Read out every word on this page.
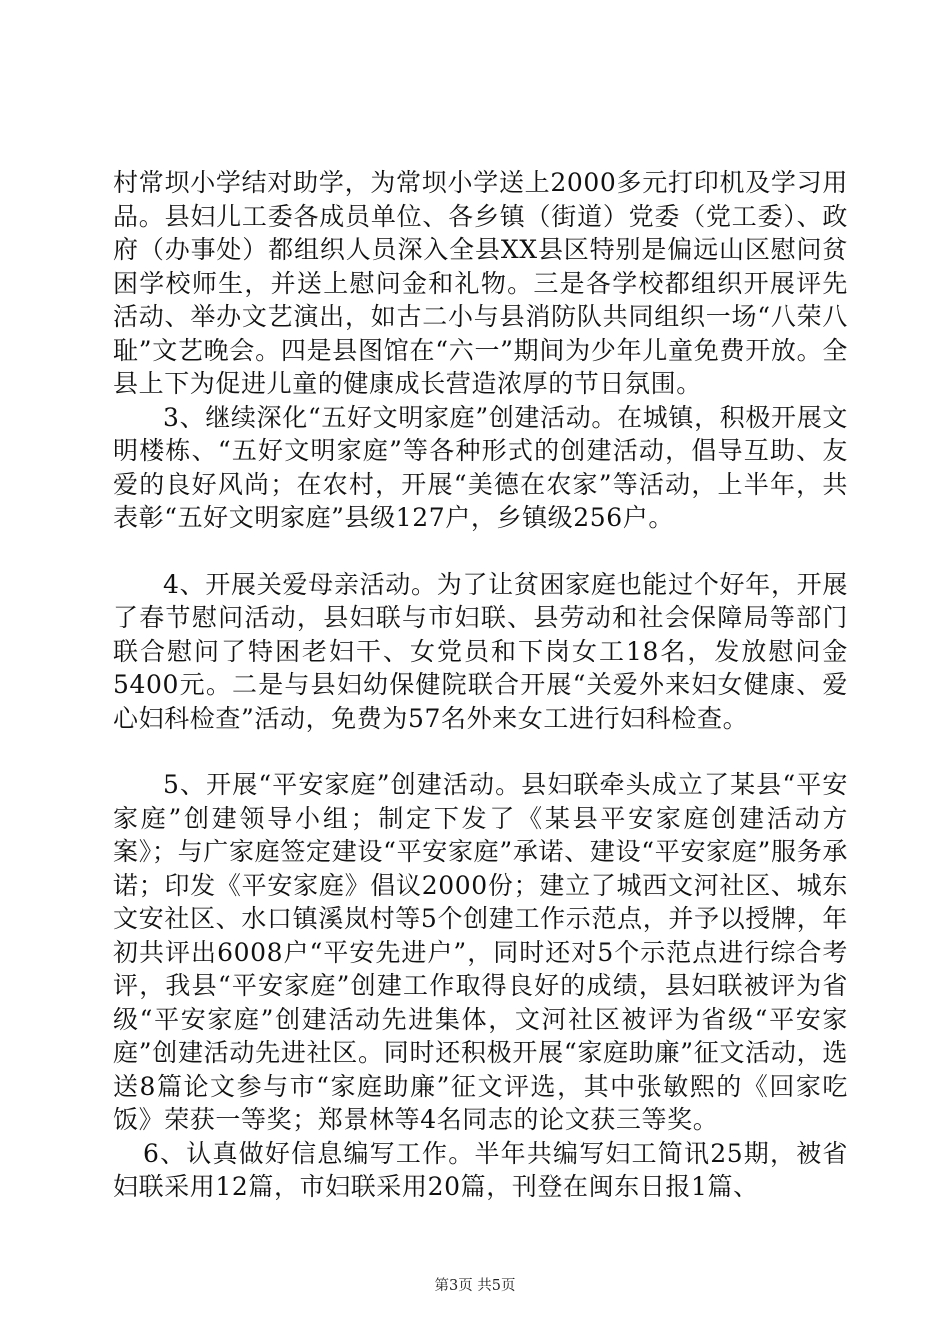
村常坝小学结对助学，为常坝小学送上2000多元打印机及学习用品。县妇儿工委各成员单位、各乡镇（街道）党委（党工委）、政府（办事处）都组织人员深入全县XX县区特别是偏远山区慰问贫困学校师生，并送上慰问金和礼物。三是各学校都组织开展评先活动、举办文艺演出，如古二小与县消防队共同组织一场“八荣八耻”文艺晚会。四是县图馆在“六一”期间为少年儿童免费开放。全县上下为促进儿童的健康成长营造浓厚的节日氛围。

3、继续深化“五好文明家庭”创建活动。在城镇，积极开展文明楼栋、“五好文明家庭”等各种形式的创建活动，倡导互助、友爱的良好风尚；在农村，开展“美德在农家”等活动，上半年，共表彰“五好文明家庭”县级127户，乡镇级256户。

4、开展关爱母亲活动。为了让贫困家庭也能过个好年，开展了春节慰问活动，县妇联与市妇联、县劳动和社会保障局等部门联合慰问了特困老妇干、女党员和下岗女工18名，发放慰问金5400元。二是与县妇幼保健院联合开展“关爱外来妇女健康、爱心妇科检查”活动，免费为57名外来女工进行妇科检查。

5、开展“平安家庭”创建活动。县妇联牵头成立了某县“平安家庭”创建领导小组；制定下发了《某县平安家庭创建活动方案》；与广家庭签定建设“平安家庭”承诺、建设“平安家庭”服务承诺；印发《平安家庭》倡议2000份；建立了城西文河社区、城东文安社区、水口镇溪岚村等5个创建工作示范点，并予以授牌，年初共评出6008户“平安先进户”，同时还对5个示范点进行综合考评，我县“平安家庭”创建工作取得良好的成绩，县妇联被评为省级“平安家庭”创建活动先进集体，文河社区被评为省级“平安家庭”创建活动先进社区。同时还积极开展“家庭助廉”征文活动，选送8篇论文参与市“家庭助廉”征文评选，其中张敏熙的《回家吃饭》荣获一等奖；郑景林等4名同志的论文获三等奖。

6、认真做好信息编写工作。半年共编写妇工简讯25期，被省妇联采用12篇，市妇联采用20篇，刊登在闽东日报1篇、

第3页 共5页
